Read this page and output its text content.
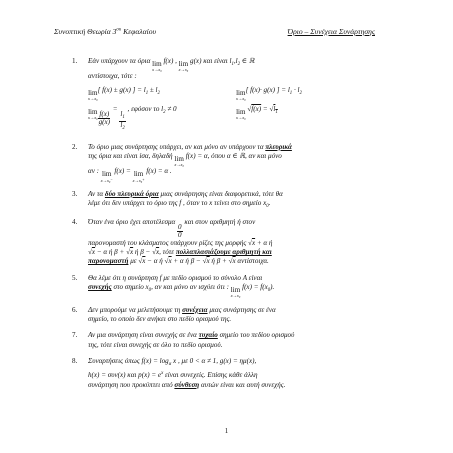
Συνοπτική Θεωρία $3^{o\upsilon}$ Κεφαλαίου	Όριο – Συνέχεια Συνάρτησης
1.	Εάν υπάρχουν τα όρια lim
x→x₀
f(x) , lim
x→x₀
g(x) και είναι $l_1,l_2$ ∈ ℝ
αντίστοιχα, τότε :
lim
x→x₀
[ f(x) ± g(x) ] = $l_1 \pm l_2$	lim
x→x₀
[ f(x)· g(x) ] = $l_1 \cdot l_2$
lim
$x\to x_0 \frac{f(x)}{g(x)}$
=
$\frac{l_1}{l_2}$
, εφόσον το $l_2 \ne 0$	lim
x→x₀
$√f(x) = √l_1$
2.	Το όριο μιας συνάρτησης υπάρχει, αν και μόνο αν υπάρχουν τα πλευρικά
της όρια και είναι ίσα, δηλαδή lim
x→x₀
f(x) = α, όπου α ∈ ℝ, αν και μόνο
αν : lim
x→x₀⁻
f(x) = lim
x→x₀⁺
f(x) = α .
3.	Αν τα δύο πλευρικά όρια μιας συνάρτησης είναι διαφορετικά, τότε θα
λέμε ότι δεν υπάρχει το όριο της f , όταν το x τείνει στο σημείο $x_0$.
4.	Όταν ένα όριο έχει αποτέλεσμα
$\frac{0}{0}$
και στον αριθμητή ή στον
παρονομαστή του κλάσματος υπάρχουν ρίζες της μορφής √x + α ή
√x − α ή β + √x ή β − √x, τότε πολλαπλασιάζουμε αριθμητή και
παρονομαστή με √x − α ή √x + α ή β − √x ή β + √x αντίστοιχα.
5.	Θα λέμε ότι η συνάρτηση f με πεδίο ορισμού το σύνολο A είναι
συνεχής στο σημείο $x_0$, αν και μόνο αν ισχύει ότι : lim
x→x₀
$f(x) = f(x_0)$.
6.	Δεν μπορούμε να μελετήσουμε τη συνέχεια μιας συνάρτησης σε ένα
σημείο, το οποίο δεν ανήκει στο πεδίο ορισμού της.
7.	Αν μια συνάρτηση είναι συνεχής σε ένα τυχαίο σημείο του πεδίου ορισμού
της, τότε είναι συνεχής σε όλο το πεδίο ορισμού.
8.	Συναρτήσεις όπως $f(x) = \log_\alpha x$ , με 0 < α ≠ 1, g(x) = ημ(x),
h(x) = συν(x) και $p(x) = e^x$ είναι συνεχείς. Επίσης κάθε άλλη
συνάρτηση που προκύπτει από σύνθεση αυτών είναι και αυτή συνεχής.
1
